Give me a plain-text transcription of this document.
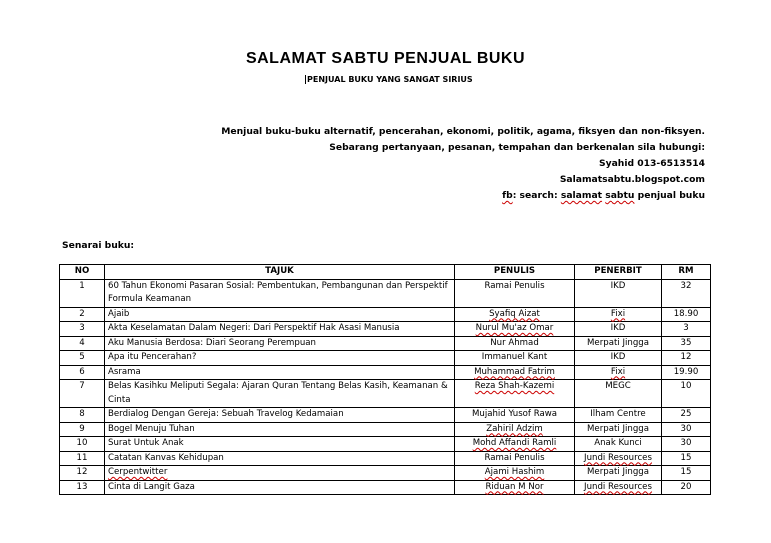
SALAMAT SABTU PENJUAL BUKU
PENJUAL BUKU YANG SANGAT SIRIUS
Menjual buku-buku alternatif, pencerahan, ekonomi, politik, agama, fiksyen dan non-fiksyen.
Sebarang pertanyaan, pesanan, tempahan dan berkenalan sila hubungi:
Syahid 013-6513514
Salamatsabtu.blogspot.com
fb: search: salamat sabtu penjual buku
Senarai buku:
NO	TAJUK	PENULIS	PENERBIT	RM
1	60 Tahun Ekonomi Pasaran Sosial: Pembentukan, Pembangunan dan Perspektif Formula Keamanan	Ramai Penulis	IKD	32
2	Ajaib	Syafiq Aizat	Fixi	18.90
3	Akta Keselamatan Dalam Negeri: Dari Perspektif Hak Asasi Manusia	Nurul Mu'az Omar	IKD	3
4	Aku Manusia Berdosa: Diari Seorang Perempuan	Nur Ahmad	Merpati Jingga	35
5	Apa itu Pencerahan?	Immanuel Kant	IKD	12
6	Asrama	Muhammad Fatrim	Fixi	19.90
7	Belas Kasihku Meliputi Segala: Ajaran Quran Tentang Belas Kasih, Keamanan & Cinta	Reza Shah-Kazemi	MEGC	10
8	Berdialog Dengan Gereja: Sebuah Travelog Kedamaian	Mujahid Yusof Rawa	Ilham Centre	25
9	Bogel Menuju Tuhan	Zahiril Adzim	Merpati Jingga	30
10	Surat Untuk Anak	Mohd Affandi Ramli	Anak Kunci	30
11	Catatan Kanvas Kehidupan	Ramai Penulis	Jundi Resources	15
12	Cerpentwitter	Ajami Hashim	Merpati Jingga	15
13	Cinta di Langit Gaza	Riduan M Nor	Jundi Resources	20
